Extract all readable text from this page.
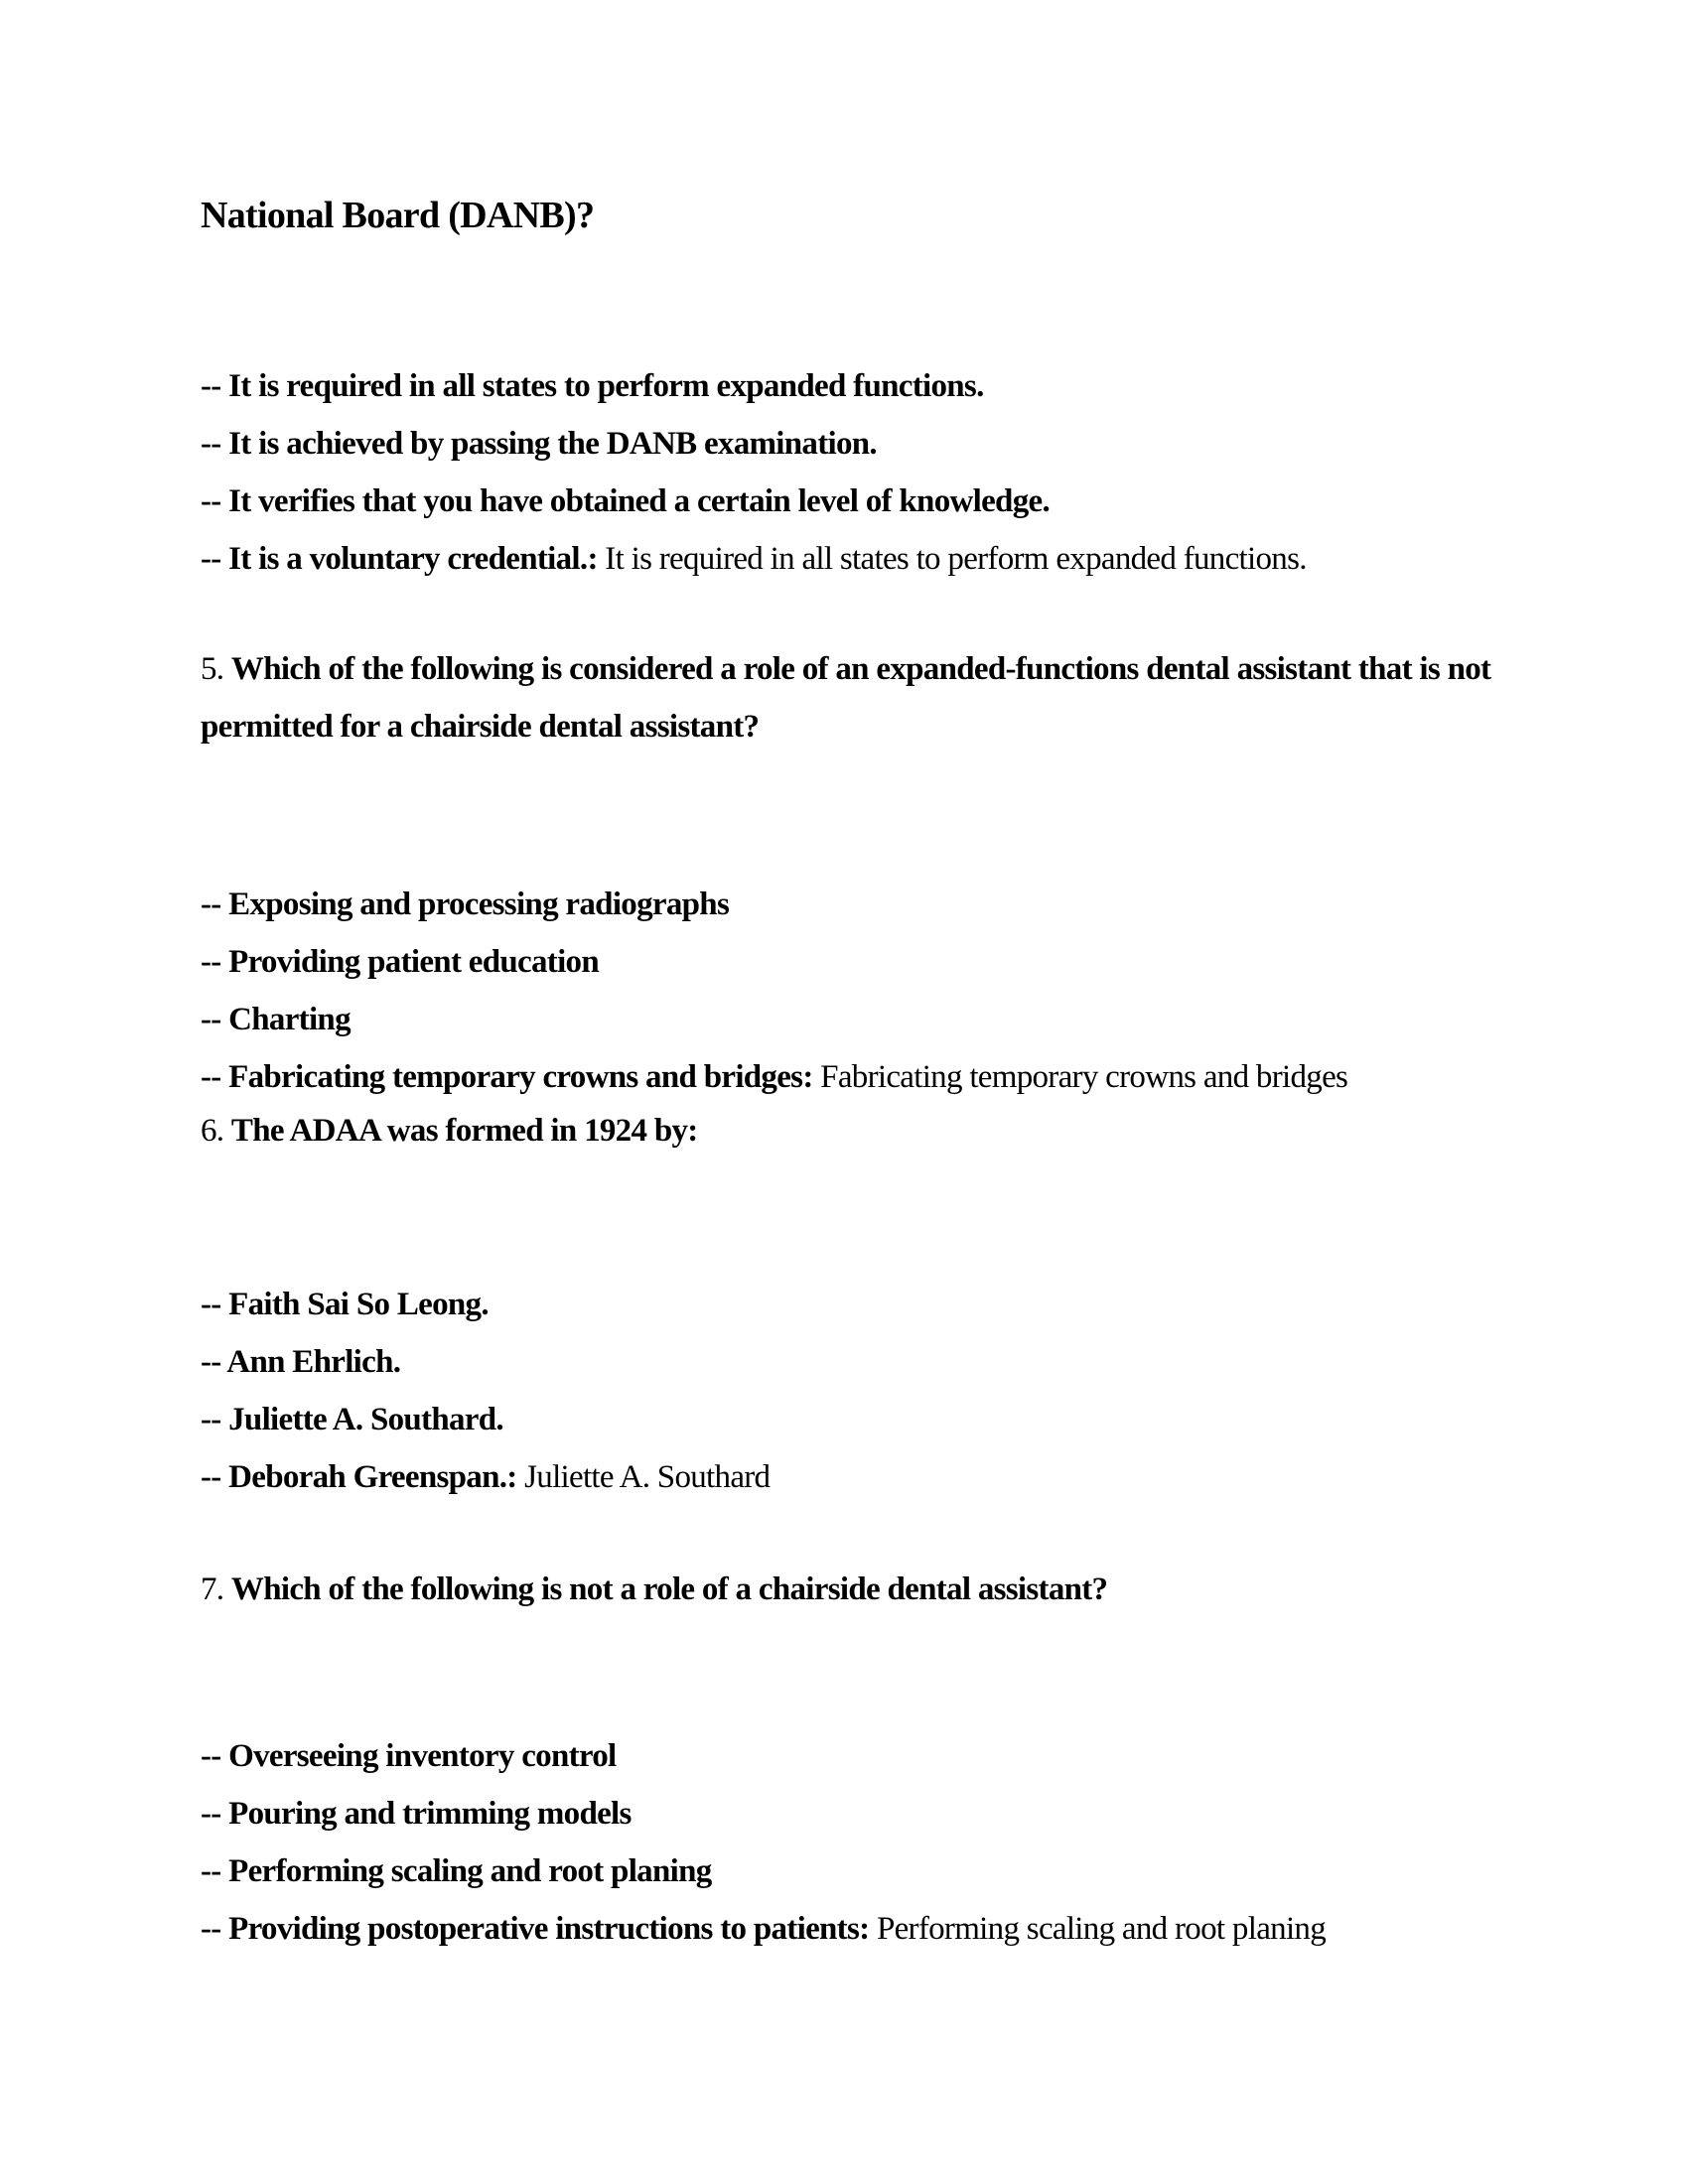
National Board (DANB)?
-- It is required in all states to perform expanded functions.
-- It is achieved by passing the DANB examination.
-- It verifies that you have obtained a certain level of knowledge.
-- It is a voluntary credential.: It is required in all states to perform expanded functions.
5. Which of the following is considered a role of an expanded-functions dental assistant that is not permitted for a chairside dental assistant?
-- Exposing and processing radiographs
-- Providing patient education
-- Charting
-- Fabricating temporary crowns and bridges: Fabricating temporary crowns and bridges
6. The ADAA was formed in 1924 by:
-- Faith Sai So Leong.
-- Ann Ehrlich.
-- Juliette A. Southard.
-- Deborah Greenspan.: Juliette A. Southard
7. Which of the following is not a role of a chairside dental assistant?
-- Overseeing inventory control
-- Pouring and trimming models
-- Performing scaling and root planing
-- Providing postoperative instructions to patients: Performing scaling and root planing
